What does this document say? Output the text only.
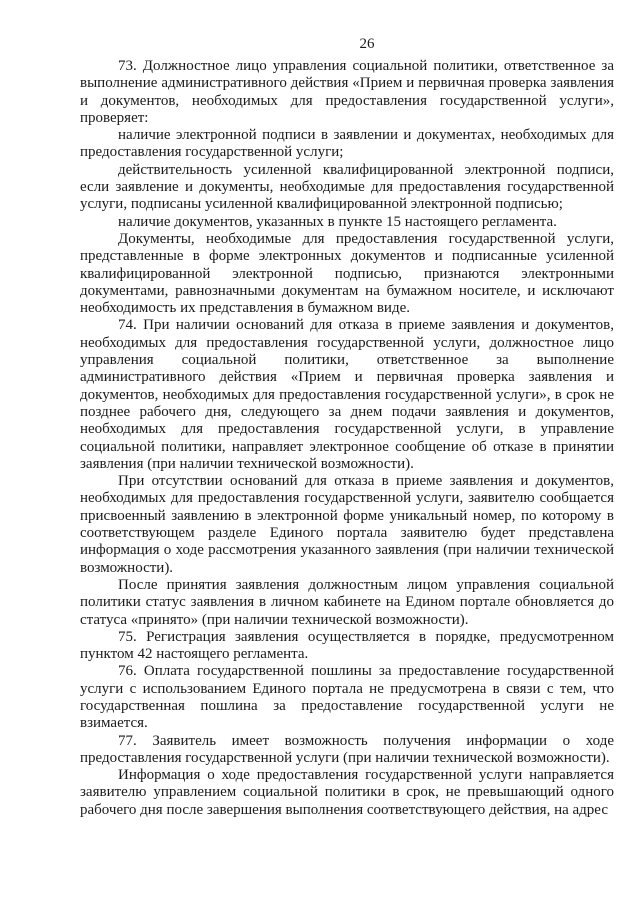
26

73. Должностное лицо управления социальной политики, ответственное за выполнение административного действия «Прием и первичная проверка заявления и документов, необходимых для предоставления государственной услуги», проверяет:

наличие электронной подписи в заявлении и документах, необходимых для предоставления государственной услуги;

действительность усиленной квалифицированной электронной подписи, если заявление и документы, необходимые для предоставления государственной услуги, подписаны усиленной квалифицированной электронной подписью;

наличие документов, указанных в пункте 15 настоящего регламента.

Документы, необходимые для предоставления государственной услуги, представленные в форме электронных документов и подписанные усиленной квалифицированной электронной подписью, признаются электронными документами, равнозначными документам на бумажном носителе, и исключают необходимость их представления в бумажном виде.

74. При наличии оснований для отказа в приеме заявления и документов, необходимых для предоставления государственной услуги, должностное лицо управления социальной политики, ответственное за выполнение административного действия «Прием и первичная проверка заявления и документов, необходимых для предоставления государственной услуги», в срок не позднее рабочего дня, следующего за днем подачи заявления и документов, необходимых для предоставления государственной услуги, в управление социальной политики, направляет электронное сообщение об отказе в принятии заявления (при наличии технической возможности).

При отсутствии оснований для отказа в приеме заявления и документов, необходимых для предоставления государственной услуги, заявителю сообщается присвоенный заявлению в электронной форме уникальный номер, по которому в соответствующем разделе Единого портала заявителю будет представлена информация о ходе рассмотрения указанного заявления (при наличии технической возможности).

После принятия заявления должностным лицом управления социальной политики статус заявления в личном кабинете на Едином портале обновляется до статуса «принято» (при наличии технической возможности).

75. Регистрация заявления осуществляется в порядке, предусмотренном пунктом 42 настоящего регламента.

76. Оплата государственной пошлины за предоставление государственной услуги с использованием Единого портала не предусмотрена в связи с тем, что государственная пошлина за предоставление государственной услуги не взимается.

77. Заявитель имеет возможность получения информации о ходе предоставления государственной услуги (при наличии технической возможности).

Информация о ходе предоставления государственной услуги направляется заявителю управлением социальной политики в срок, не превышающий одного рабочего дня после завершения выполнения соответствующего действия, на адрес
